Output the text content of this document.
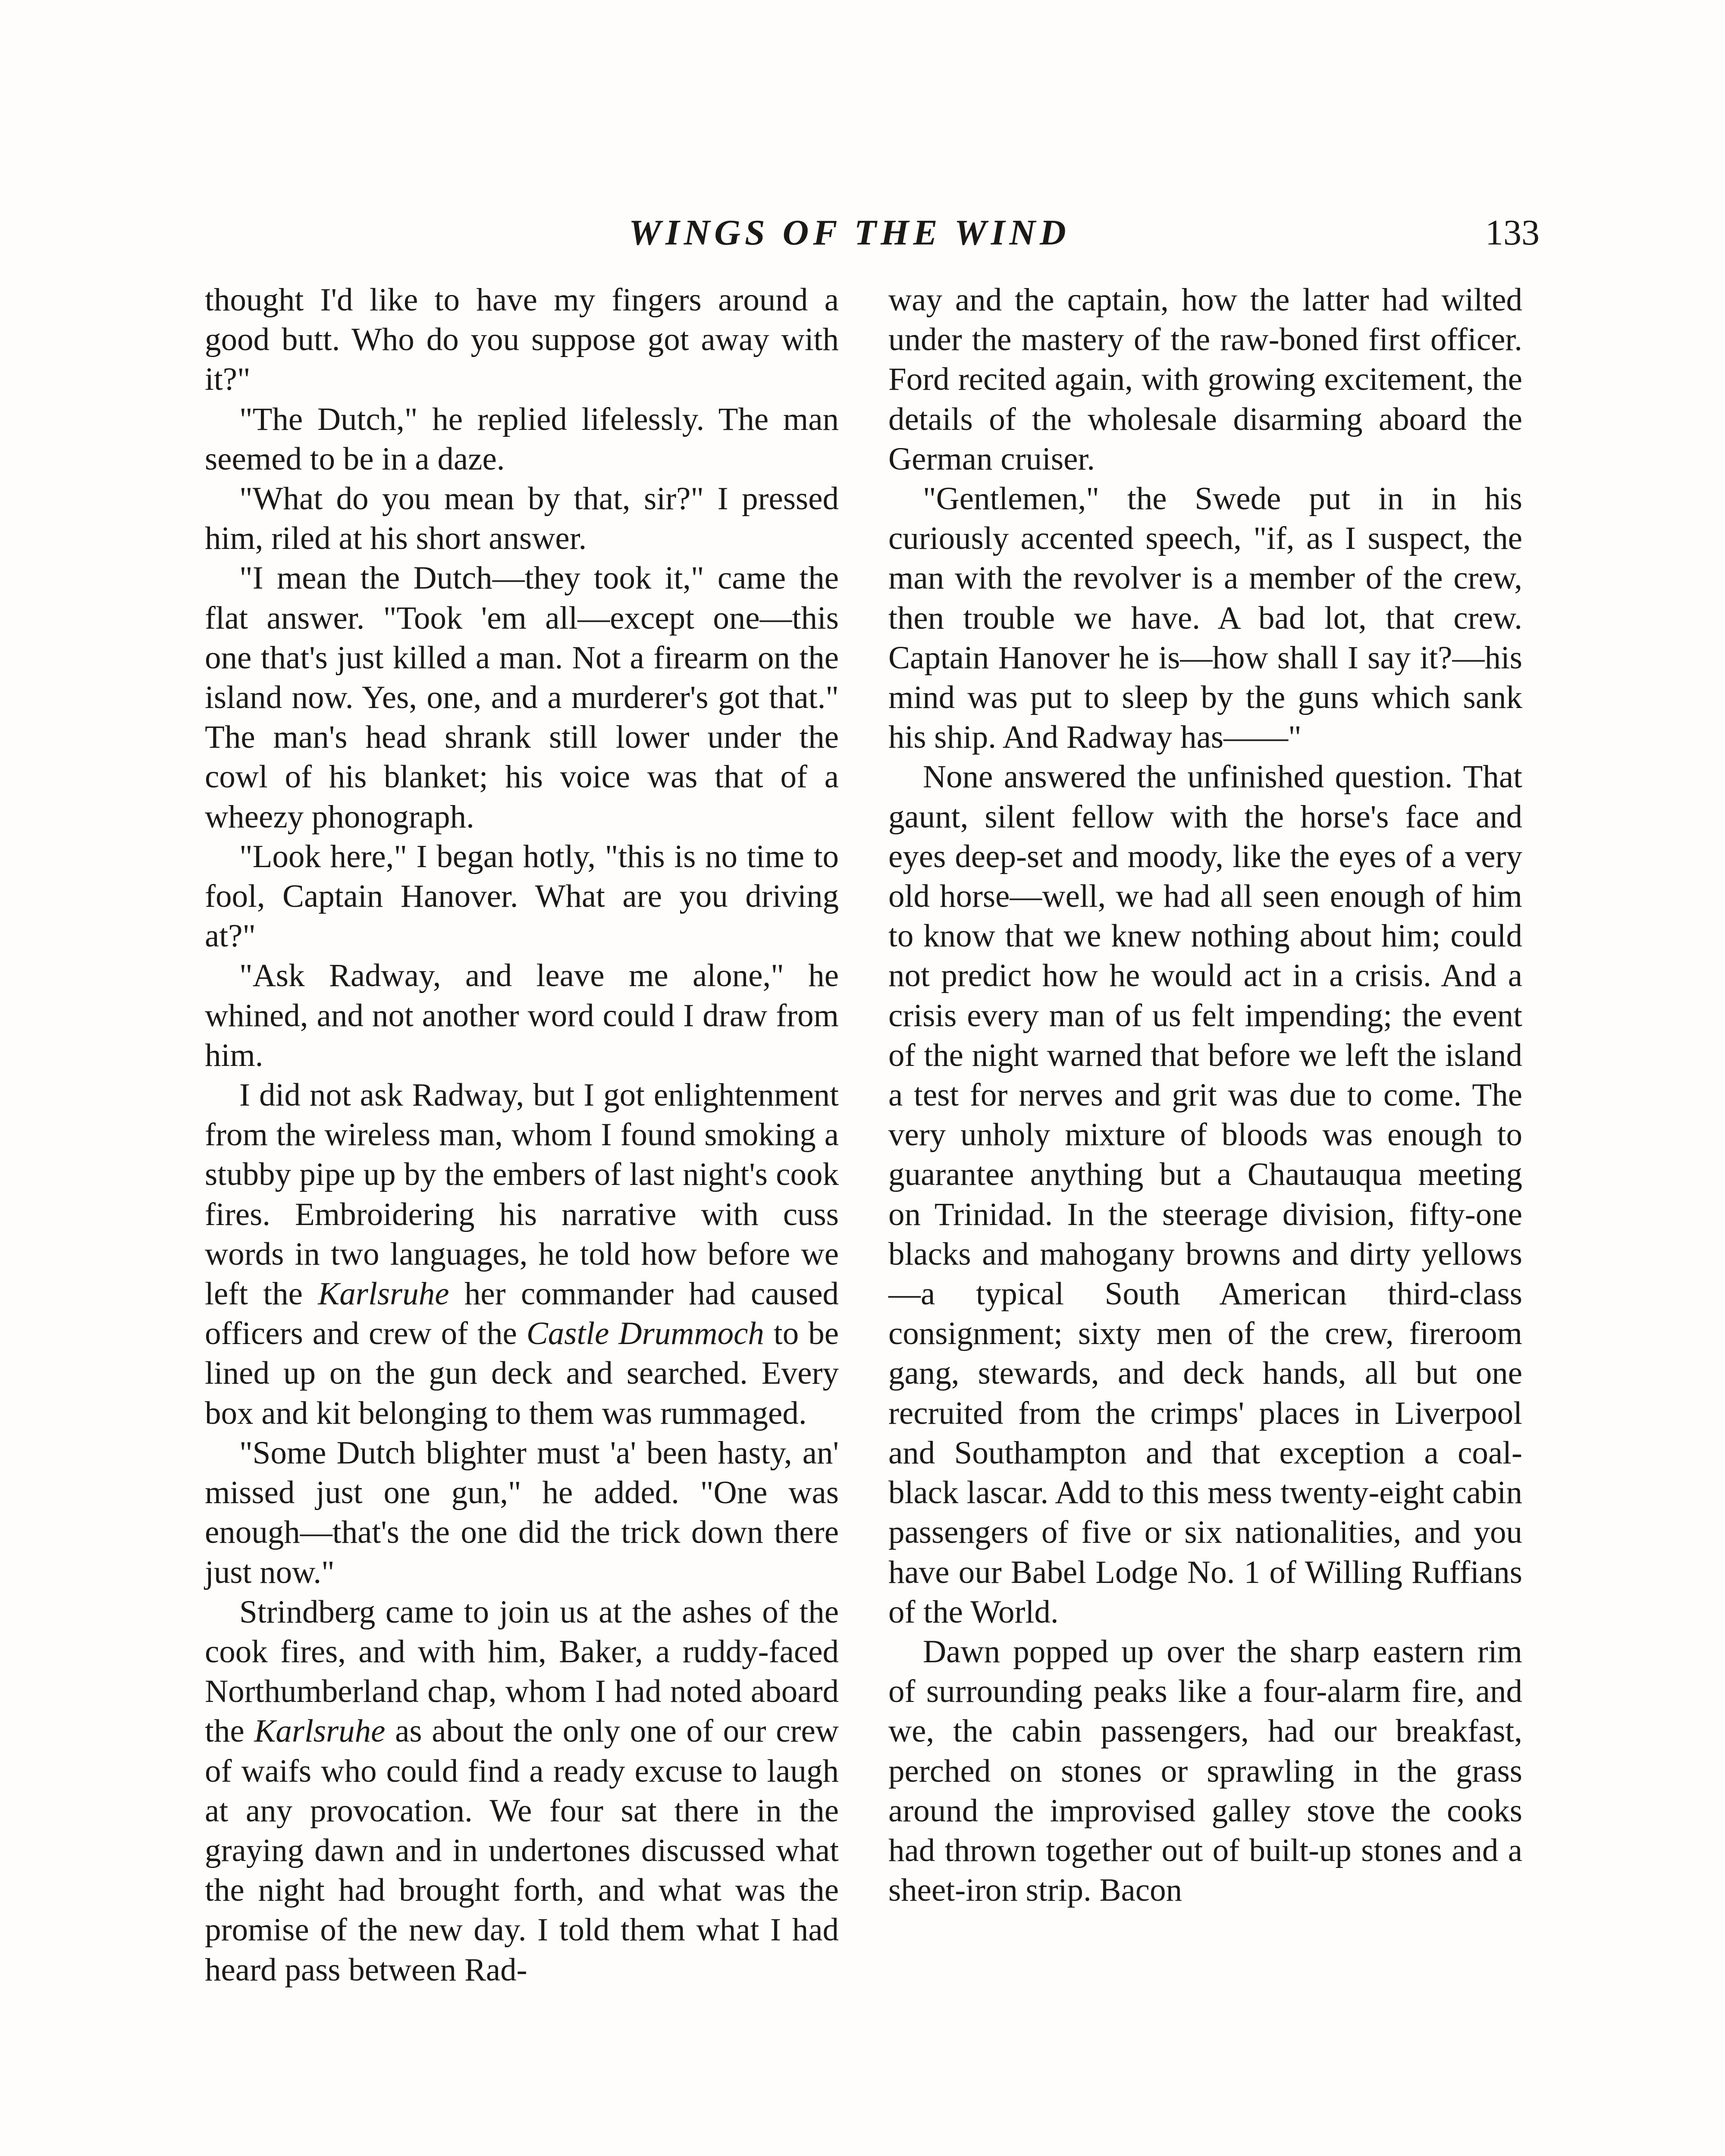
WINGS OF THE WIND	133

thought I'd like to have my fingers around a good butt. Who do you suppose got away with it?"

"The Dutch," he replied lifelessly. The man seemed to be in a daze.

"What do you mean by that, sir?" I pressed him, riled at his short answer.

"I mean the Dutch—they took it," came the flat answer. "Took 'em all—except one—this one that's just killed a man. Not a firearm on the island now. Yes, one, and a murderer's got that." The man's head shrank still lower under the cowl of his blanket; his voice was that of a wheezy phonograph.

"Look here," I began hotly, "this is no time to fool, Captain Hanover. What are you driving at?"

"Ask Radway, and leave me alone," he whined, and not another word could I draw from him.

I did not ask Radway, but I got enlightenment from the wireless man, whom I found smoking a stubby pipe up by the embers of last night's cook fires. Embroidering his narrative with cuss words in two languages, he told how before we left the Karlsruhe her commander had caused officers and crew of the Castle Drummoch to be lined up on the gun deck and searched. Every box and kit belonging to them was rummaged.

"Some Dutch blighter must 'a' been hasty, an' missed just one gun," he added. "One was enough—that's the one did the trick down there just now."

Strindberg came to join us at the ashes of the cook fires, and with him, Baker, a ruddy-faced Northumberland chap, whom I had noted aboard the Karlsruhe as about the only one of our crew of waifs who could find a ready excuse to laugh at any provocation. We four sat there in the graying dawn and in undertones discussed what the night had brought forth, and what was the promise of the new day. I told them what I had heard pass between Rad-

way and the captain, how the latter had wilted under the mastery of the raw-boned first officer. Ford recited again, with growing excitement, the details of the wholesale disarming aboard the German cruiser.

"Gentlemen," the Swede put in in his curiously accented speech, "if, as I suspect, the man with the revolver is a member of the crew, then trouble we have. A bad lot, that crew. Captain Hanover he is—how shall I say it?—his mind was put to sleep by the guns which sank his ship. And Radway has——"

None answered the unfinished question. That gaunt, silent fellow with the horse's face and eyes deep-set and moody, like the eyes of a very old horse—well, we had all seen enough of him to know that we knew nothing about him; could not predict how he would act in a crisis. And a crisis every man of us felt impending; the event of the night warned that before we left the island a test for nerves and grit was due to come. The very unholy mixture of bloods was enough to guarantee anything but a Chautauqua meeting on Trinidad. In the steerage division, fifty-one blacks and mahogany browns and dirty yellows—a typical South American third-class consignment; sixty men of the crew, fireroom gang, stewards, and deck hands, all but one recruited from the crimps' places in Liverpool and Southampton and that exception a coal-black lascar. Add to this mess twenty-eight cabin passengers of five or six nationalities, and you have our Babel Lodge No. 1 of Willing Ruffians of the World.

Dawn popped up over the sharp eastern rim of surrounding peaks like a four-alarm fire, and we, the cabin passengers, had our breakfast, perched on stones or sprawling in the grass around the improvised galley stove the cooks had thrown together out of built-up stones and a sheet-iron strip. Bacon
